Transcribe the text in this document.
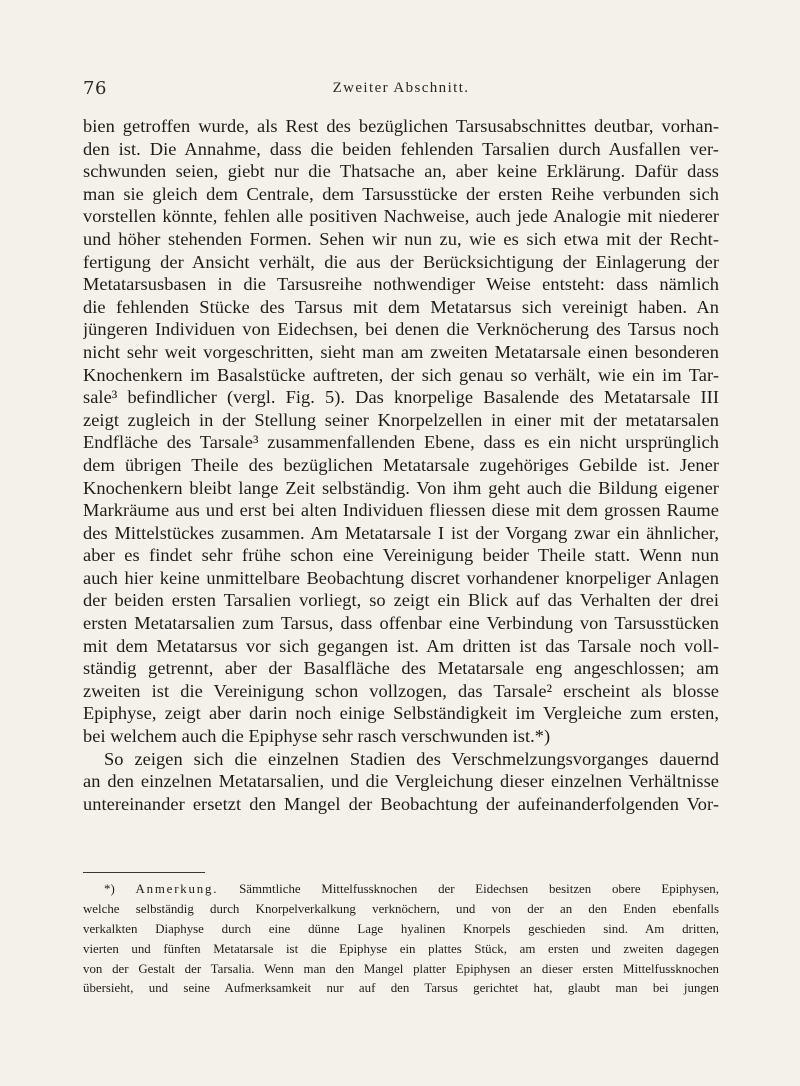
76	Zweiter Abschnitt.
bien getroffen wurde, als Rest des bezüglichen Tarsusabschnittes deutbar, vorhan-
den ist. Die Annahme, dass die beiden fehlenden Tarsalien durch Ausfallen ver-
schwunden seien, giebt nur die Thatsache an, aber keine Erklärung. Dafür dass
man sie gleich dem Centrale, dem Tarsusstücke der ersten Reihe verbunden sich
vorstellen könnte, fehlen alle positiven Nachweise, auch jede Analogie mit niederer
und höher stehenden Formen. Sehen wir nun zu, wie es sich etwa mit der Recht-
fertigung der Ansicht verhält, die aus der Berücksichtigung der Einlagerung der
Metatarsusbasen in die Tarsusreihe nothwendiger Weise entsteht: dass nämlich
die fehlenden Stücke des Tarsus mit dem Metatarsus sich vereinigt haben. An
jüngeren Individuen von Eidechsen, bei denen die Verknöcherung des Tarsus noch
nicht sehr weit vorgeschritten, sieht man am zweiten Metatarsale einen besonderen
Knochenkern im Basalstücke auftreten, der sich genau so verhält, wie ein im Tar-
sale³ befindlicher (vergl. Fig. 5). Das knorpelige Basalende des Metatarsale III
zeigt zugleich in der Stellung seiner Knorpelzellen in einer mit der metatarsalen
Endfläche des Tarsale³ zusammenfallenden Ebene, dass es ein nicht ursprünglich
dem übrigen Theile des bezüglichen Metatarsale zugehöriges Gebilde ist. Jener
Knochenkern bleibt lange Zeit selbständig. Von ihm geht auch die Bildung eigener
Markräume aus und erst bei alten Individuen fliessen diese mit dem grossen Raume
des Mittelstückes zusammen. Am Metatarsale I ist der Vorgang zwar ein ähnlicher,
aber es findet sehr frühe schon eine Vereinigung beider Theile statt. Wenn nun
auch hier keine unmittelbare Beobachtung discret vorhandener knorpeliger Anlagen
der beiden ersten Tarsalien vorliegt, so zeigt ein Blick auf das Verhalten der drei
ersten Metatarsalien zum Tarsus, dass offenbar eine Verbindung von Tarsusstücken
mit dem Metatarsus vor sich gegangen ist. Am dritten ist das Tarsale noch voll-
ständig getrennt, aber der Basalfläche des Metatarsale eng angeschlossen; am
zweiten ist die Vereinigung schon vollzogen, das Tarsale² erscheint als blosse
Epiphyse, zeigt aber darin noch einige Selbständigkeit im Vergleiche zum ersten,
bei welchem auch die Epiphyse sehr rasch verschwunden ist.*)
So zeigen sich die einzelnen Stadien des Verschmelzungsvorganges dauernd
an den einzelnen Metatarsalien, und die Vergleichung dieser einzelnen Verhältnisse
untereinander ersetzt den Mangel der Beobachtung der aufeinanderfolgenden Vor-
*) Anmerkung. Sämmtliche Mittelfussknochen der Eidechsen besitzen obere Epiphysen,
welche selbständig durch Knorpelverkalkung verknöchern, und von der an den Enden ebenfalls
verkalkten Diaphyse durch eine dünne Lage hyalinen Knorpels geschieden sind. Am dritten,
vierten und fünften Metatarsale ist die Epiphyse ein plattes Stück, am ersten und zweiten dagegen
von der Gestalt der Tarsalia. Wenn man den Mangel platter Epiphysen an dieser ersten Mittelfussknochen
übersieht, und seine Aufmerksamkeit nur auf den Tarsus gerichtet hat, glaubt man bei jungen
